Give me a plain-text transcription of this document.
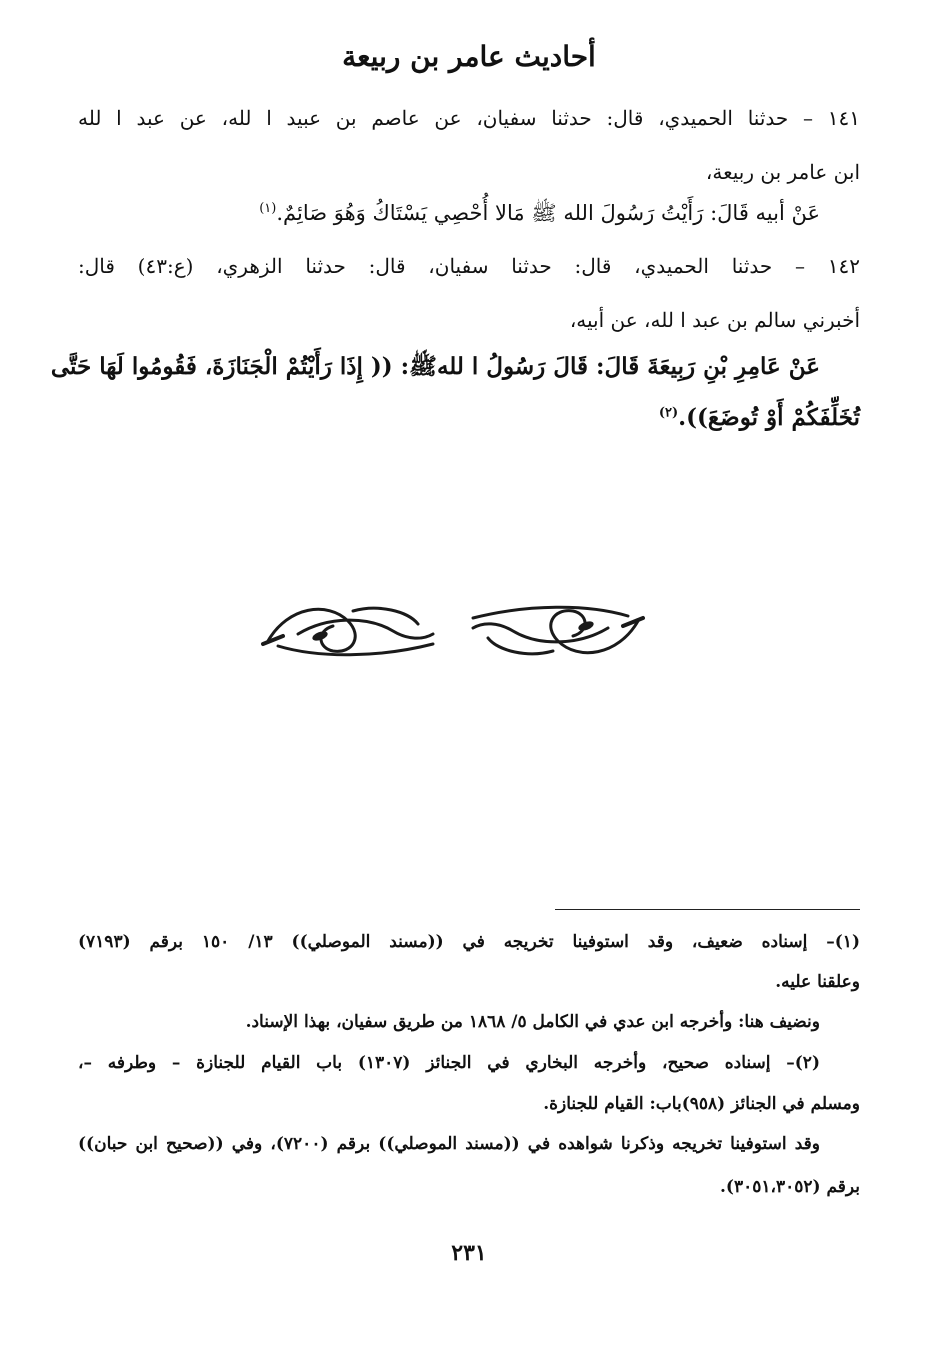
أحاديث عامر بن ربيعة
١٤١ – حدثنا الحميدي، قال: حدثنا سفيان، عن عاصم بن عبيد ا لله، عن عبد ا لله
ابن عامر بن ربيعة،
عَنْ أبيه قَالَ: رَأَيْتُ رَسُولَ الله ﷺ مَالا أُحْصِي يَسْتَاكُ وَهُوَ صَائِمٌ.$^{(١)}$
١٤٢ – حدثنا الحميدي، قال: حدثنا سفيان، قال: حدثنا الزهري، (ع:٤٣) قال:
أخبرني سالم بن عبد ا لله، عن أبيه،
عَنْ عَامِرِ بْنِ رَبِيعَةَ قَالَ: قَالَ رَسُولُ ا للهﷺ: (( إِذَا رَأَيْتُمْ الْجَنَازَةَ، فَقُومُوا لَهَا حَتَّى
تُخَلِّفَكُمْ أَوْ تُوضَعَ)).$^{(٢)}$
(١)– إسناده ضعيف، وقد استوفينا تخريجه في ((مسند الموصلي)) ١٣/ ١٥٠ برقم (٧١٩٣)
وعلقنا عليه.
ونضيف هنا: وأخرجه ابن عدي في الكامل ٥/ ١٨٦٨ من طريق سفيان، بهذا الإسناد.
(٢)– إسناده صحيح، وأخرجه البخاري في الجنائز (١٣٠٧) باب القيام للجنازة – وطرفه –،
ومسلم في الجنائز (٩٥٨)باب: القيام للجنازة.
وقد استوفينا تخريجه وذكرنا شواهده في ((مسند الموصلي)) برقم (٧٢٠٠)، وفي ((صحيح ابن حبان))
برقم (٣٠٥١،٣٠٥٢).
٢٣١
